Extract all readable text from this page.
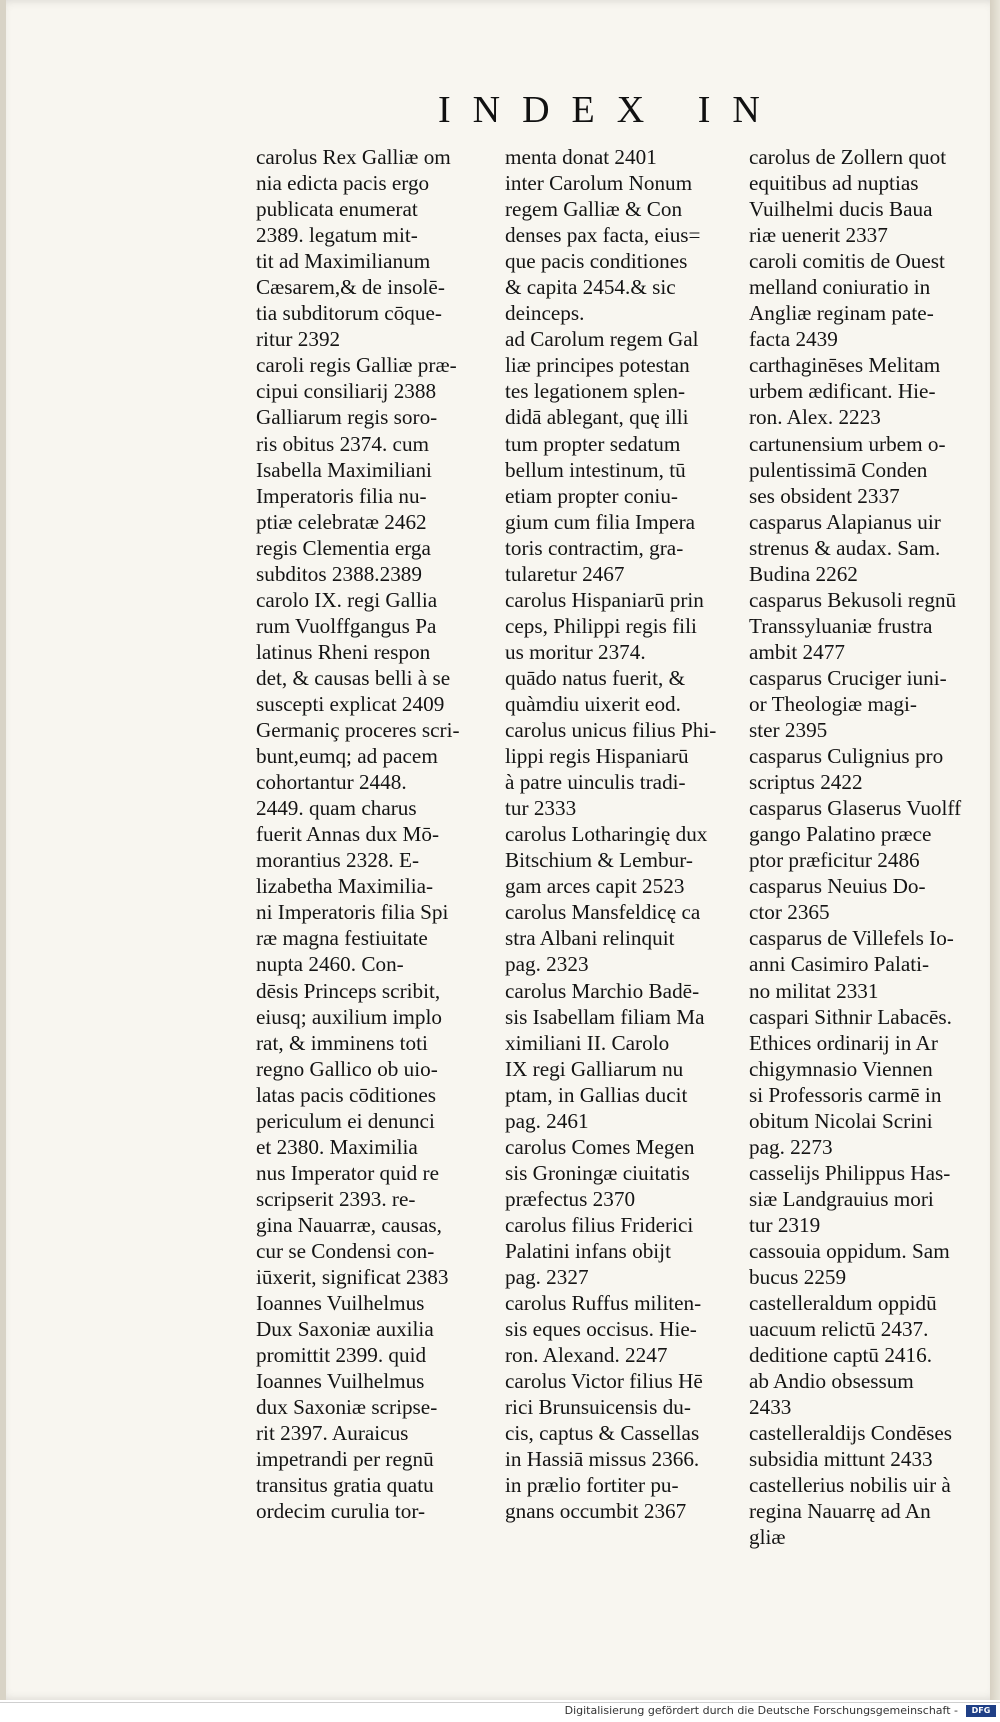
INDEX IN
carolus Rex Galliæ om
nia edicta pacis ergo
publicata enumerat
2389. legatum mit-
tit ad Maximilianum
Cæsarem,& de insolē-
tia subditorum cōque-
ritur 2392
caroli regis Galliæ præ-
cipui consiliarij 2388
Galliarum regis soro-
ris obitus 2374. cum
Isabella Maximiliani
Imperatoris filia nu-
ptiæ celebratæ 2462
regis Clementia erga
subditos 2388.2389
carolo IX. regi Gallia
rum Vuolffgangus Pa
latinus Rheni respon
det, & causas belli à se
suscepti explicat 2409
Germaniç proceres scri-
bunt,eumq; ad pacem
cohortantur 2448.
2449. quam charus
fuerit Annas dux Mō-
morantius 2328. E-
lizabetha Maximilia-
ni Imperatoris filia Spi
ræ magna festiuitate
nupta 2460. Con-
dēsis Princeps scribit,
eiusq; auxilium implo
rat, & imminens toti
regno Gallico ob uio-
latas pacis cōditiones
periculum ei denunci
et 2380. Maximilia
nus Imperator quid re
scripserit 2393. re-
gina Nauarræ, causas,
cur se Condensi con-
iūxerit, significat 2383
Ioannes Vuilhelmus
Dux Saxoniæ auxilia
promittit 2399. quid
Ioannes Vuilhelmus
dux Saxoniæ scripse-
rit 2397. Auraicus
impetrandi per regnū
transitus gratia quatu
ordecim curulia tor-
menta donat 2401
inter Carolum Nonum
regem Galliæ & Con
denses pax facta, eius=
que pacis conditiones
& capita 2454.& sic
deinceps.
ad Carolum regem Gal
liæ principes potestan
tes legationem splen-
didā ablegant, quę illi
tum propter sedatum
bellum intestinum, tū
etiam propter coniu-
gium cum filia Impera
toris contractim, gra-
tularetur 2467
carolus Hispaniarū prin
ceps, Philippi regis fili
us moritur 2374.
quādo natus fuerit, &
quàmdiu uixerit eod.
carolus unicus filius Phi-
lippi regis Hispaniarū
à patre uinculis tradi-
tur 2333
carolus Lotharingię dux
Bitschium & Lembur-
gam arces capit 2523
carolus Mansfeldicę ca
stra Albani relinquit
pag. 2323
carolus Marchio Badē-
sis Isabellam filiam Ma
ximiliani II. Carolo
IX regi Galliarum nu
ptam, in Gallias ducit
pag. 2461
carolus Comes Megen
sis Groningæ ciuitatis
præfectus 2370
carolus filius Friderici
Palatini infans obijt
pag. 2327
carolus Ruffus militen-
sis eques occisus. Hie-
ron. Alexand. 2247
carolus Victor filius Hē
rici Brunsuicensis du-
cis, captus & Cassellas
in Hassiā missus 2366.
in prælio fortiter pu-
gnans occumbit 2367
carolus de Zollern quot
equitibus ad nuptias
Vuilhelmi ducis Baua
riæ uenerit 2337
caroli comitis de Ouest
melland coniuratio in
Angliæ reginam pate-
facta 2439
carthaginēses Melitam
urbem ædificant. Hie-
ron. Alex. 2223
cartunensium urbem o-
pulentissimā Conden
ses obsident 2337
casparus Alapianus uir
strenus & audax. Sam.
Budina 2262
casparus Bekusoli regnū
Transsyluaniæ frustra
ambit 2477
casparus Cruciger iuni-
or Theologiæ magi-
ster 2395
casparus Culignius pro
scriptus 2422
casparus Glaserus Vuolff
gango Palatino præce
ptor præficitur 2486
casparus Neuius Do-
ctor 2365
casparus de Villefels Io-
anni Casimiro Palati-
no militat 2331
caspari Sithnir Labacēs.
Ethices ordinarij in Ar
chigymnasio Viennen
si Professoris carmē in
obitum Nicolai Scrini
pag. 2273
casselijs Philippus Has-
siæ Landgrauius mori
tur 2319
cassouia oppidum. Sam
bucus 2259
castelleraldum oppidū
uacuum relictū 2437.
deditione captū 2416.
ab Andio obsessum
2433
castelleraldijs Condēses
subsidia mittunt 2433
castellerius nobilis uir à
regina Nauarrę ad An
gliæ
Digitalisierung gefördert durch die Deutsche Forschungsgemeinschaft -	DFG
